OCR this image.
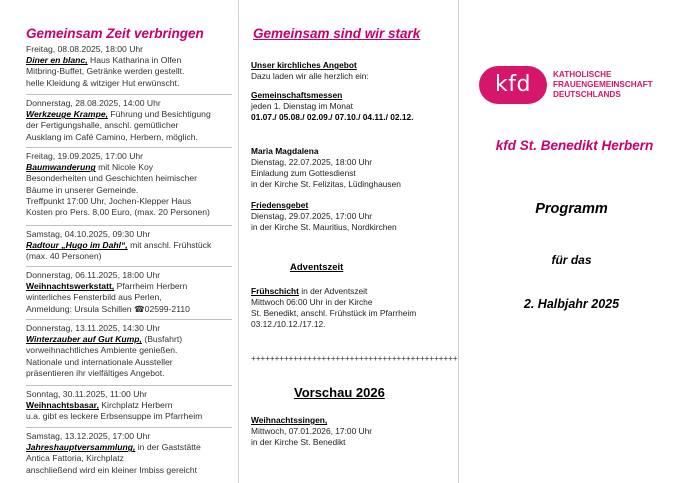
Gemeinsam Zeit verbringen
Freitag, 08.08.2025, 18:00 Uhr
Diner en blanc, Haus Katharina in Olfen
Mitbring-Buffet, Getränke werden gestellt.
helle Kleidung & witziger Hut erwünscht.
Donnerstag, 28.08.2025, 14:00 Uhr
Werkzeuge Krampe, Führung und Besichtigung
der Fertigungshalle, anschl. gemütlicher
Ausklang im Café Camino, Herbern, möglich.
Freitag, 19.09.2025, 17:00 Uhr
Baumwanderung mit Nicole Koy
Besonderheiten und Geschichten heimischer
Bäume in unserer Gemeinde.
Treffpunkt 17:00 Uhr, Jochen-Klepper Haus
Kosten pro Pers. 8,00 Euro, (max. 20 Personen)
Samstag, 04.10.2025, 09:30 Uhr
Radtour „Hugo im Dahl“, mit anschl. Frühstück
(max. 40 Personen)
Donnerstag, 06.11.2025, 18:00 Uhr
Weihnachtswerkstatt, Pfarrheim Herbern
winterliches Fensterbild aus Perlen,
Anmeldung: Ursula Schillen ☎02599-2110
Donnerstag, 13.11.2025, 14:30 Uhr
Winterzauber auf Gut Kump, (Busfahrt)
vorweihnachtliches Ambiente genießen.
Nationale und internationale Aussteller
präsentieren ihr vielfältiges Angebot.
Sonntag, 30.11.2025, 11:00 Uhr
Weihnachtsbasar, Kirchplatz Herbern
u.a. gibt es leckere Erbsensuppe im Pfarrheim
Samstag, 13.12.2025, 17:00 Uhr
Jahreshauptversammlung, in der Gaststätte
Antica Fattoria, Kirchplatz
anschließend wird ein kleiner Imbiss gereicht
Gemeinsam sind wir stark
Unser kirchliches Angebot
Dazu laden wir alle herzlich ein:
Gemeinschaftsmessen
jeden 1. Dienstag im Monat
01.07./ 05.08./ 02.09./ 07.10./ 04.11./ 02.12.
Maria Magdalena
Dienstag, 22.07.2025, 18:00 Uhr
Einladung zum Gottesdienst
in der Kirche St. Felizitas, Lüdinghausen
Friedensgebet
Dienstag, 29.07.2025, 17:00 Uhr
in der Kirche St. Mauritius, Nordkirchen
Adventszeit
Frühschicht in der Adventszeit
Mittwoch 06:00 Uhr in der Kirche
St. Benedikt, anschl. Frühstück im Pfarrheim
03.12./10.12./17.12.
++++++++++++++++++++++++++++++++++++++++++++
Vorschau 2026
Weihnachtssingen,
Mittwoch, 07.01.2026, 17:00 Uhr
in der Kirche St. Benedikt
kfd	KATHOLISCHE
FRAUENGEMEINSCHAFT
DEUTSCHLANDS
kfd St. Benedikt Herbern
Programm
für das
2. Halbjahr 2025
